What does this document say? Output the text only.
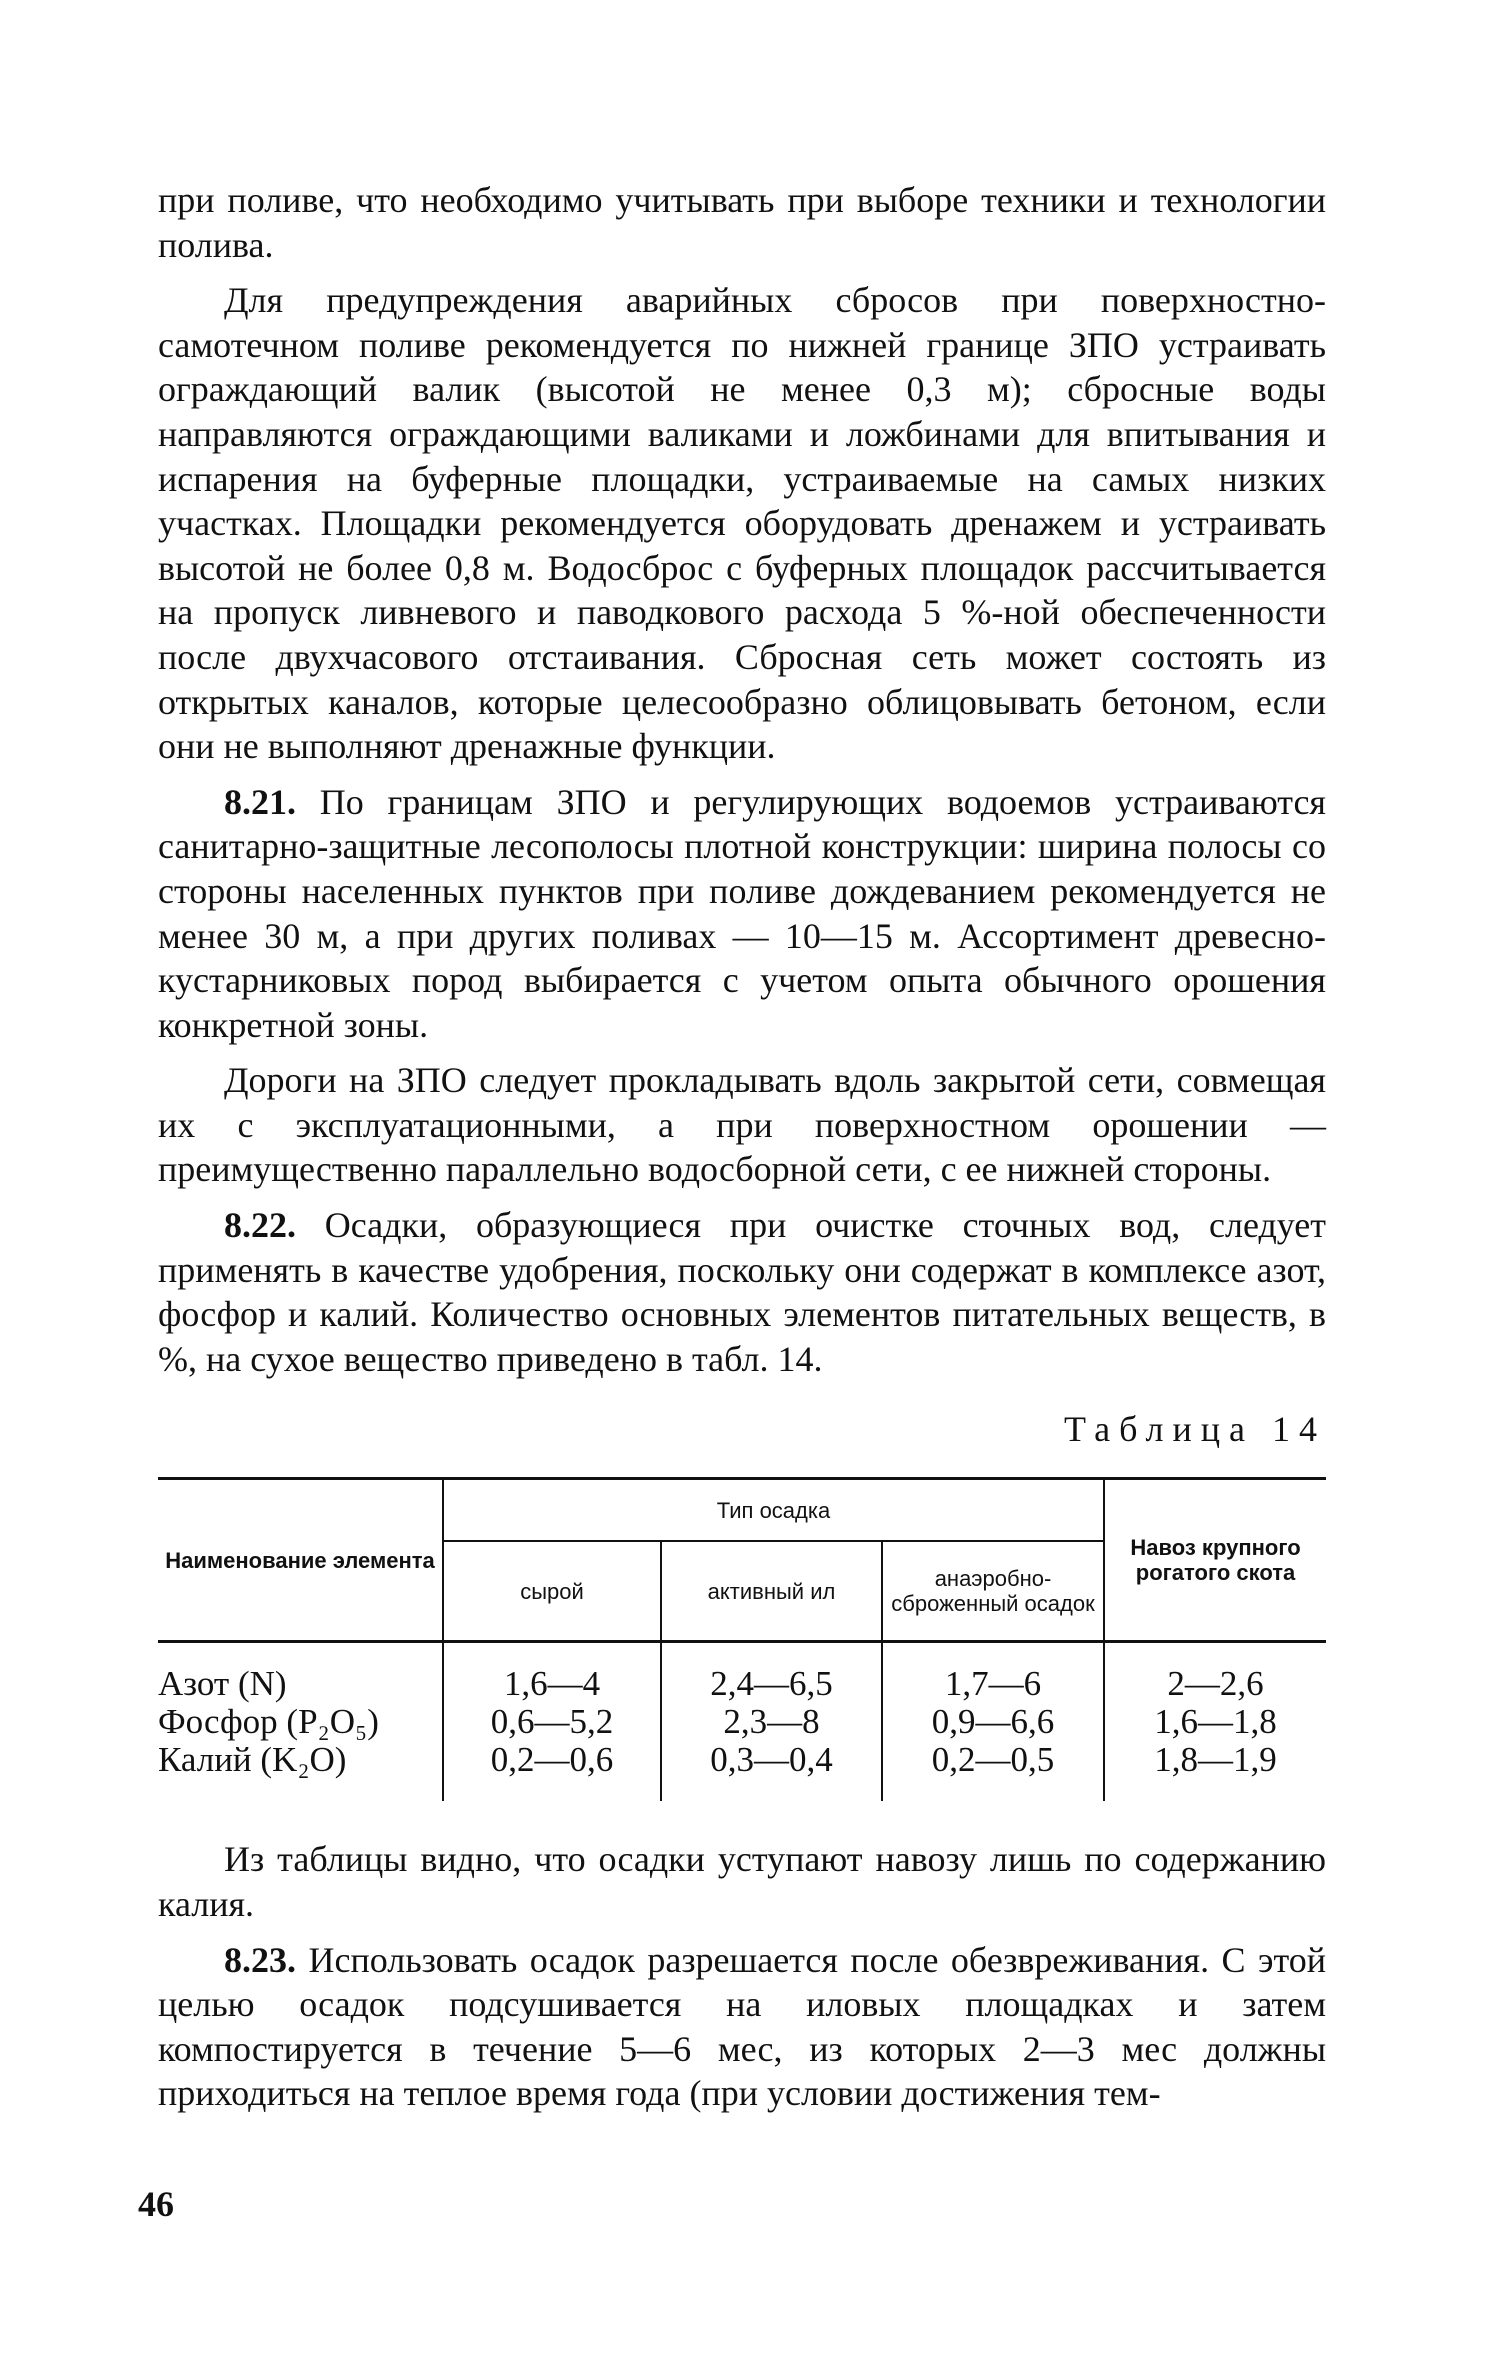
при поливе, что необходимо учитывать при выборе техники и технологии полива.

Для предупреждения аварийных сбросов при поверхностно-самотечном поливе рекомендуется по нижней границе ЗПО устраивать ограждающий валик (высотой не менее 0,3 м); сбросные воды направляются ограждающими валиками и ложбинами для впитывания и испарения на буферные площадки, устраиваемые на самых низких участках. Площадки рекомендуется оборудовать дренажем и устраивать высотой не более 0,8 м. Водосброс с буферных площадок рассчитывается на пропуск ливневого и паводкового расхода 5 %-ной обеспеченности после двухчасового отстаивания. Сбросная сеть может состоять из открытых каналов, которые целесообразно облицовывать бетоном, если они не выполняют дренажные функции.

8.21. По границам ЗПО и регулирующих водоемов устраиваются санитарно-защитные лесополосы плотной конструкции: ширина полосы со стороны населенных пунктов при поливе дождеванием рекомендуется не менее 30 м, а при других поливах — 10—15 м. Ассортимент древесно-кустарниковых пород выбирается с учетом опыта обычного орошения конкретной зоны.

Дороги на ЗПО следует прокладывать вдоль закрытой сети, совмещая их с эксплуатационными, а при поверхностном орошении — преимущественно параллельно водосборной сети, с ее нижней стороны.

8.22. Осадки, образующиеся при очистке сточных вод, следует применять в качестве удобрения, поскольку они содержат в комплексе азот, фосфор и калий. Количество основных элементов питательных веществ, в %, на сухое вещество приведено в табл. 14.

Таблица 14
Наименование элемента	Тип осадка			Навоз крупного рогатого скота
	сырой	активный ил	анаэробно-сброженный осадок	
Азот (N)	1,6—4	2,4—6,5	1,7—6	2—2,6
Фосфор (P₂O₅)	0,6—5,2	2,3—8	0,9—6,6	1,6—1,8
Калий (K₂O)	0,2—0,6	0,3—0,4	0,2—0,5	1,8—1,9

Из таблицы видно, что осадки уступают навозу лишь по содержанию калия.

8.23. Использовать осадок разрешается после обезвреживания. С этой целью осадок подсушивается на иловых площадках и затем компостируется в течение 5—6 мес, из которых 2—3 мес должны приходиться на теплое время года (при условии достижения тем-

46
